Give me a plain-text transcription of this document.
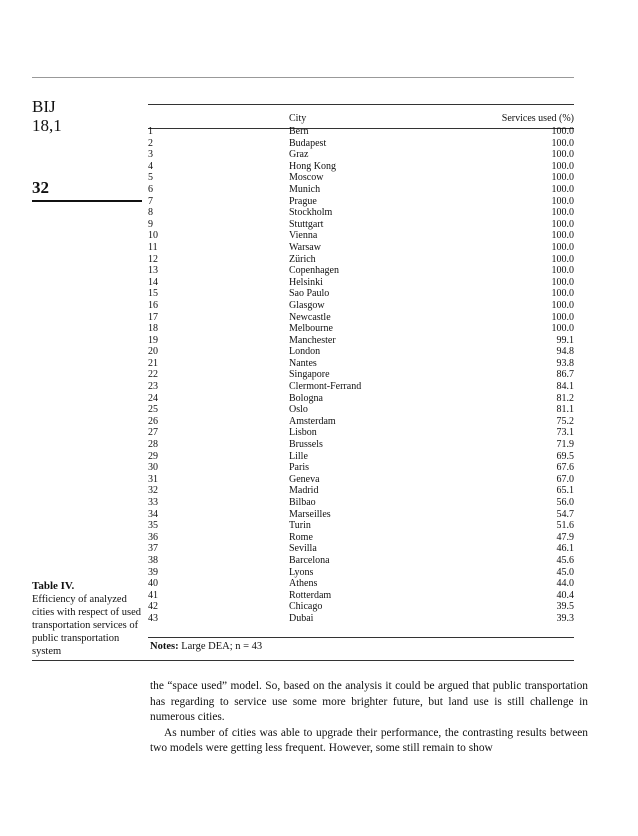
BIJ
18,1
32
Table IV.
Efficiency of analyzed cities with respect of used transportation services of public transportation system
	City	Services used (%)
1	Bern	100.0
2	Budapest	100.0
3	Graz	100.0
4	Hong Kong	100.0
5	Moscow	100.0
6	Munich	100.0
7	Prague	100.0
8	Stockholm	100.0
9	Stuttgart	100.0
10	Vienna	100.0
11	Warsaw	100.0
12	Zürich	100.0
13	Copenhagen	100.0
14	Helsinki	100.0
15	Sao Paulo	100.0
16	Glasgow	100.0
17	Newcastle	100.0
18	Melbourne	100.0
19	Manchester	99.1
20	London	94.8
21	Nantes	93.8
22	Singapore	86.7
23	Clermont-Ferrand	84.1
24	Bologna	81.2
25	Oslo	81.1
26	Amsterdam	75.2
27	Lisbon	73.1
28	Brussels	71.9
29	Lille	69.5
30	Paris	67.6
31	Geneva	67.0
32	Madrid	65.1
33	Bilbao	56.0
34	Marseilles	54.7
35	Turin	51.6
36	Rome	47.9
37	Sevilla	46.1
38	Barcelona	45.6
39	Lyons	45.0
40	Athens	44.0
41	Rotterdam	40.4
42	Chicago	39.5
43	Dubai	39.3
Notes: Large DEA; n = 43

the “space used” model. So, based on the analysis it could be argued that public transportation has regarding to service use some more brighter future, but land use is still challenge in numerous cities.

As number of cities was able to upgrade their performance, the contrasting results between two models were getting less frequent. However, some still remain to show
